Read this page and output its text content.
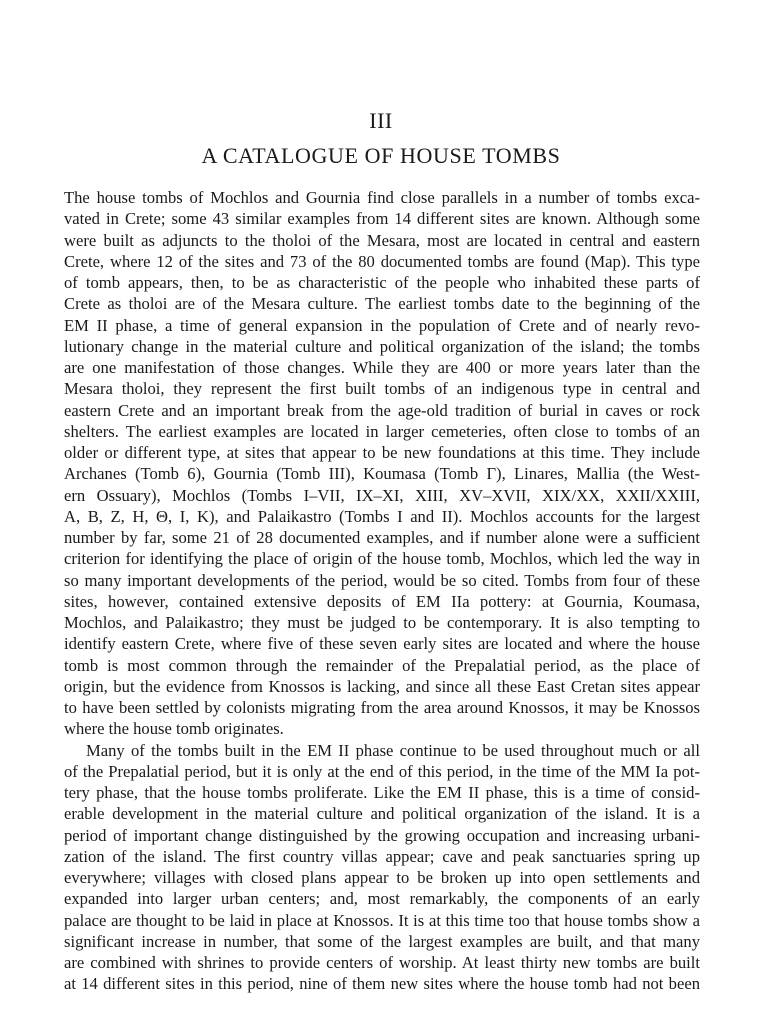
III
A CATALOGUE OF HOUSE TOMBS
The house tombs of Mochlos and Gournia find close parallels in a number of tombs exca-
vated in Crete; some 43 similar examples from 14 different sites are known. Although some
were built as adjuncts to the tholoi of the Mesara, most are located in central and eastern
Crete, where 12 of the sites and 73 of the 80 documented tombs are found (Map). This type
of tomb appears, then, to be as characteristic of the people who inhabited these parts of
Crete as tholoi are of the Mesara culture. The earliest tombs date to the beginning of the
EM II phase, a time of general expansion in the population of Crete and of nearly revo-
lutionary change in the material culture and political organization of the island; the tombs
are one manifestation of those changes. While they are 400 or more years later than the
Mesara tholoi, they represent the first built tombs of an indigenous type in central and
eastern Crete and an important break from the age-old tradition of burial in caves or rock
shelters. The earliest examples are located in larger cemeteries, often close to tombs of an
older or different type, at sites that appear to be new foundations at this time. They include
Archanes (Tomb 6), Gournia (Tomb III), Koumasa (Tomb Γ), Linares, Mallia (the West-
ern Ossuary), Mochlos (Tombs I–VII, IX–XI, XIII, XV–XVII, XIX/XX, XXII/XXIII,
A, B, Z, H, Θ, I, K), and Palaikastro (Tombs I and II). Mochlos accounts for the largest
number by far, some 21 of 28 documented examples, and if number alone were a sufficient
criterion for identifying the place of origin of the house tomb, Mochlos, which led the way in
so many important developments of the period, would be so cited. Tombs from four of these
sites, however, contained extensive deposits of EM IIa pottery: at Gournia, Koumasa,
Mochlos, and Palaikastro; they must be judged to be contemporary. It is also tempting to
identify eastern Crete, where five of these seven early sites are located and where the house
tomb is most common through the remainder of the Prepalatial period, as the place of
origin, but the evidence from Knossos is lacking, and since all these East Cretan sites appear
to have been settled by colonists migrating from the area around Knossos, it may be Knossos
where the house tomb originates.
Many of the tombs built in the EM II phase continue to be used throughout much or all
of the Prepalatial period, but it is only at the end of this period, in the time of the MM Ia pot-
tery phase, that the house tombs proliferate. Like the EM II phase, this is a time of consid-
erable development in the material culture and political organization of the island. It is a
period of important change distinguished by the growing occupation and increasing urbani-
zation of the island. The first country villas appear; cave and peak sanctuaries spring up
everywhere; villages with closed plans appear to be broken up into open settlements and
expanded into larger urban centers; and, most remarkably, the components of an early
palace are thought to be laid in place at Knossos. It is at this time too that house tombs show a
significant increase in number, that some of the largest examples are built, and that many
are combined with shrines to provide centers of worship. At least thirty new tombs are built
at 14 different sites in this period, nine of them new sites where the house tomb had not been
